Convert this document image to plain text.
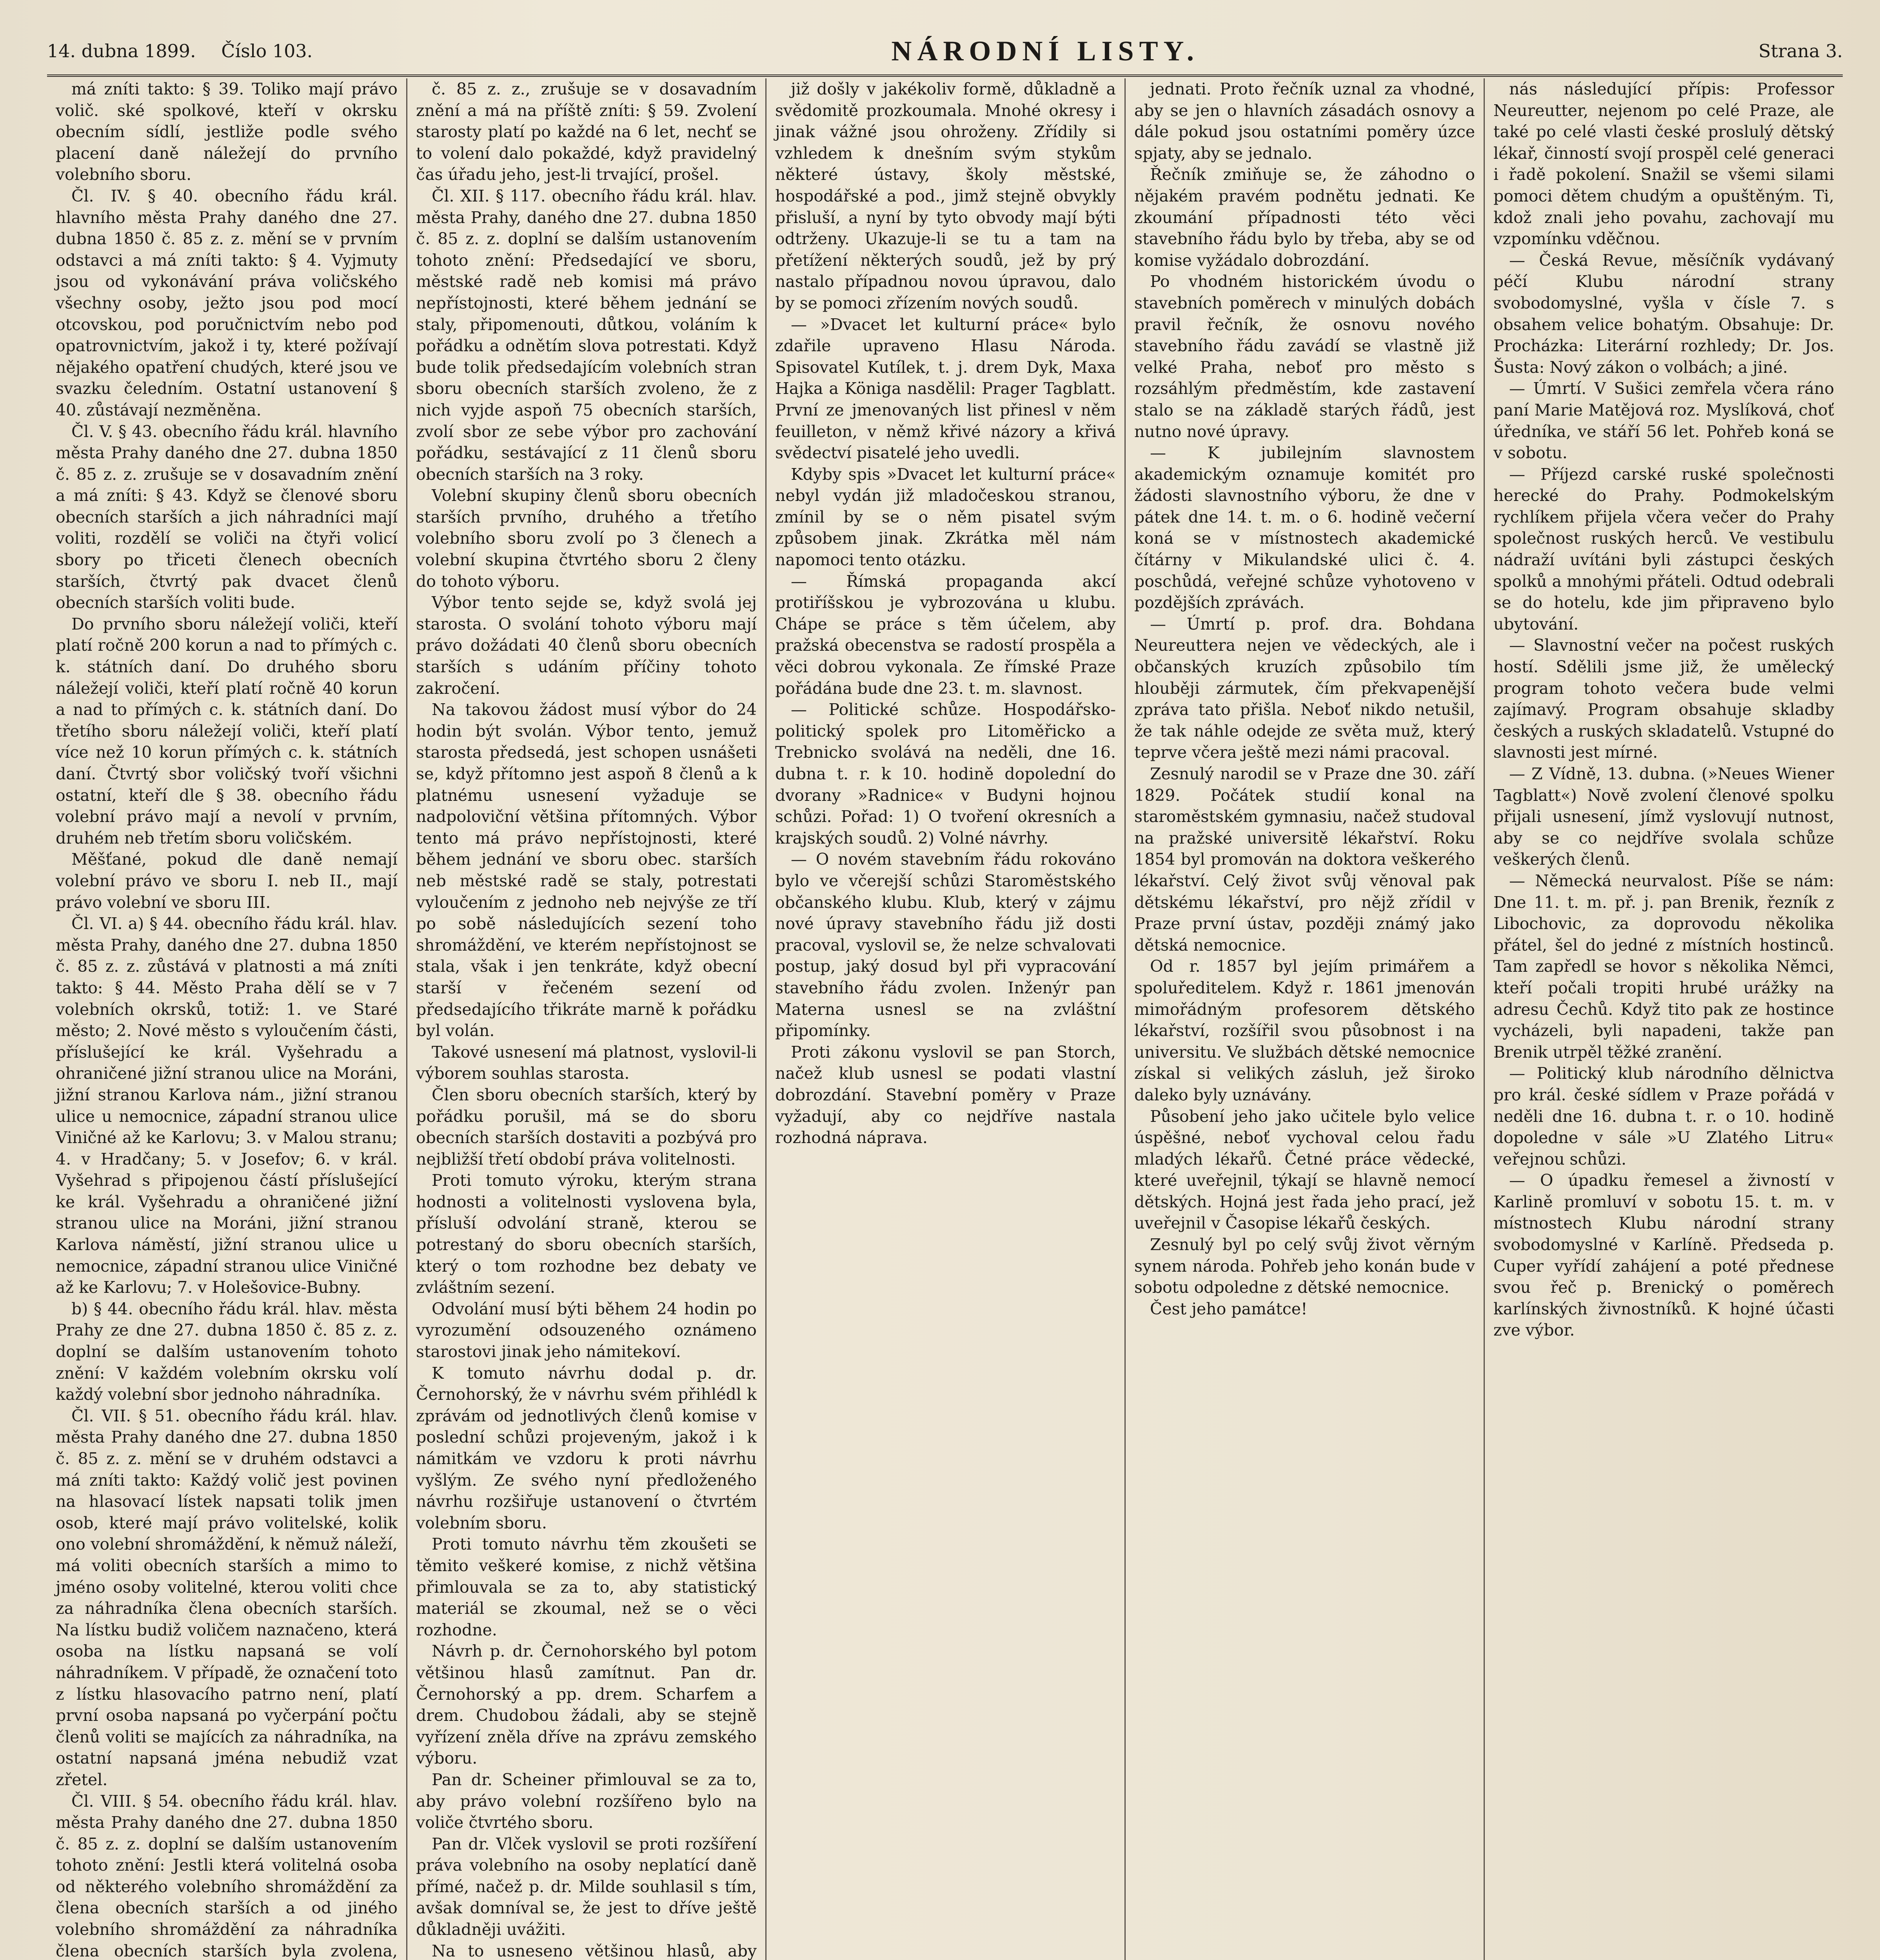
14. dubna 1899. Číslo 103.	NÁRODNÍ LISTY.	Strana 3.

má zníti takto: § 39. Toliko mají právo volič. ské spolkové, kteří v okrsku obecním sídlí, jestliže podle svého placení daně náležejí do prvního volebního sboru.

Čl. IV. § 40. obecního řádu král. hlavního města Prahy daného dne 27. dubna 1850 č. 85 z. z. mění se v prvním odstavci a má zníti takto: § 4. Vyjmuty jsou od vykonávání práva voličského všechny osoby, ježto jsou pod mocí otcovskou, pod poručnictvím nebo pod opatrovnictvím, jakož i ty, které požívají nějakého opatření chudých, které jsou ve svazku čeledním. Ostatní ustanovení § 40. zůstávají nezměněna.

Čl. V. § 43. obecního řádu král. hlavního města Prahy daného dne 27. dubna 1850 č. 85 z. z. zrušuje se v dosavadním znění a má zníti: § 43. Když se členové sboru obecních starších a jich náhradníci mají voliti, rozdělí se voliči na čtyři volicí sbory po třiceti členech obecních starších, čtvrtý pak dvacet členů obecních starších voliti bude.

Do prvního sboru náležejí voliči, kteří platí ročně 200 korun a nad to přímých c. k. státních daní. Do druhého sboru náležejí voliči, kteří platí ročně 40 korun a nad to přímých c. k. státních daní. Do třetího sboru náležejí voliči, kteří platí více než 10 korun přímých c. k. státních daní. Čtvrtý sbor voličský tvoří všichni ostatní, kteří dle § 38. obecního řádu volební právo mají a nevolí v prvním, druhém neb třetím sboru voličském.

Měšťané, pokud dle daně nemají volební právo ve sboru I. neb II., mají právo volební ve sboru III.

Čl. VI. a) § 44. obecního řádu král. hlav. města Prahy, daného dne 27. dubna 1850 č. 85 z. z. zůstává v platnosti a má zníti takto: § 44. Město Praha dělí se v 7 volebních okrsků, totiž: 1. ve Staré město; 2. Nové město s vyloučením části, příslušející ke král. Vyšehradu a ohraničené jižní stranou ulice na Moráni, jižní stranou Karlova nám., jižní stranou ulice u nemocnice, západní stranou ulice Viničné až ke Karlovu; 3. v Malou stranu; 4. v Hradčany; 5. v Josefov; 6. v král. Vyšehrad s připojenou částí příslušející ke král. Vyšehradu a ohraničené jižní stranou ulice na Moráni, jižní stranou Karlova náměstí, jižní stranou ulice u nemocnice, západní stranou ulice Viničné až ke Karlovu; 7. v Holešovice-Bubny.

b) § 44. obecního řádu král. hlav. města Prahy ze dne 27. dubna 1850 č. 85 z. z. doplní se dalším ustanovením tohoto znění: V každém volebním okrsku volí každý volební sbor jednoho náhradníka.

Čl. VII. § 51. obecního řádu král. hlav. města Prahy daného dne 27. dubna 1850 č. 85 z. z. mění se v druhém odstavci a má zníti takto: Každý volič jest povinen na hlasovací lístek napsati tolik jmen osob, které mají právo volitelské, kolik ono volební shromáždění, k němuž náleží, má voliti obecních starších a mimo to jméno osoby volitelné, kterou voliti chce za náhradníka člena obecních starších. Na lístku budiž voličem naznačeno, která osoba na lístku napsaná se volí náhradníkem. V případě, že označení toto z lístku hlasovacího patrno není, platí první osoba napsaná po vyčerpání počtu členů voliti se majících za náhradníka, na ostatní napsaná jména nebudiž vzat zřetel.

Čl. VIII. § 54. obecního řádu král. hlav. města Prahy daného dne 27. dubna 1850 č. 85 z. z. doplní se dalším ustanovením tohoto znění: Jestli která volitelná osoba od některého volebního shromáždění za člena obecních starších a od jiného volebního shromáždění za náhradníka člena obecních starších byla zvolena,

č. 85 z. z., zrušuje se v dosavadním znění a má na příště zníti: § 59. Zvolení starosty platí po každé na 6 let, nechť se to volení dalo pokaždé, když pravidelný čas úřadu jeho, jest-li trvající, prošel.

Čl. XII. § 117. obecního řádu král. hlav. města Prahy, daného dne 27. dubna 1850 č. 85 z. z. doplní se dalším ustanovením tohoto znění: Předsedající ve sboru, městské radě neb komisi má právo nepřístojnosti, které během jednání se staly, připomenouti, důtkou, voláním k pořádku a odnětím slova potrestati. Když bude tolik předsedajícím volebních stran sboru obecních starších zvoleno, že z nich vyjde aspoň 75 obecních starších, zvolí sbor ze sebe výbor pro zachování pořádku, sestávající z 11 členů sboru obecních starších na 3 roky.

Volební skupiny členů sboru obecních starších prvního, druhého a třetího volebního sboru zvolí po 3 členech a volební skupina čtvrtého sboru 2 členy do tohoto výboru.

Výbor tento sejde se, když svolá jej starosta. O svolání tohoto výboru mají právo dožádati 40 členů sboru obecních starších s udáním příčiny tohoto zakročení.

Na takovou žádost musí výbor do 24 hodin být svolán. Výbor tento, jemuž starosta předsedá, jest schopen usnášeti se, když přítomno jest aspoň 8 členů a k platnému usnesení vyžaduje se nadpoloviční většina přítomných. Výbor tento má právo nepřístojnosti, které během jednání ve sboru obec. starších neb městské radě se staly, potrestati vyloučením z jednoho neb nejvýše ze tří po sobě následujících sezení toho shromáždění, ve kterém nepřístojnost se stala, však i jen tenkráte, když obecní starší v řečeném sezení od předsedajícího třikráte marně k pořádku byl volán.

Takové usnesení má platnost, vyslovil-li výborem souhlas starosta.

Člen sboru obecních starších, který by pořádku porušil, má se do sboru obecních starších dostaviti a pozbývá pro nejbližší třetí období práva volitelnosti.

Proti tomuto výroku, kterým strana hodnosti a volitelnosti vyslovena byla, přísluší odvolání straně, kterou se potrestaný do sboru obecních starších, který o tom rozhodne bez debaty ve zvláštním sezení.

Odvolání musí býti během 24 hodin po vyrozumění odsouzeného oznámeno starostovi jinak jeho námitekoví.

K tomuto návrhu dodal p. dr. Černohorský, že v návrhu svém přihlédl k zprávám od jednotlivých členů komise v poslední schůzi projeveným, jakož i k námitkám ve vzdoru k proti návrhu vyšlým. Ze svého nyní předloženého návrhu rozšiřuje ustanovení o čtvrtém volebním sboru.

Proti tomuto návrhu těm zkoušeti se těmito veškeré komise, z nichž většina přimlouvala se za to, aby statistický materiál se zkoumal, než se o věci rozhodne.

Návrh p. dr. Černohorského byl potom většinou hlasů zamítnut. Pan dr. Černohorský a pp. drem. Scharfem a drem. Chudobou žádali, aby se stejně vyřízení zněla dříve na zprávu zemského výboru.

Pan dr. Scheiner přimlouval se za to, aby právo volební rozšířeno bylo na voliče čtvrtého sboru.

Pan dr. Vlček vyslovil se proti rozšíření práva volebního na osoby neplatící daně přímé, načež p. dr. Milde souhlasil s tím, avšak domníval se, že jest to dříve ještě důkladněji uvážiti.

Na to usneseno většinou hlasů, aby

již došly v jakékoliv formě, důkladně a svědomitě prozkoumala. Mnohé okresy i jinak vážné jsou ohroženy. Zřídily si vzhledem k dnešním svým stykům některé ústavy, školy městské, hospodářské a pod., jimž stejně obvykly přisluší, a nyní by tyto obvody mají býti odtrženy. Ukazuje-li se tu a tam na přetížení některých soudů, jež by prý nastalo případnou novou úpravou, dalo by se pomoci zřízením nových soudů.

— »Dvacet let kulturní práce« bylo zdařile upraveno Hlasu Národa. Spisovatel Kutílek, t. j. drem Dyk, Maxa Hajka a Königa nasdělil: Prager Tagblatt. První ze jmenovaných list přinesl v něm feuilleton, v němž křivé názory a křivá svědectví pisatelé jeho uvedli.

Kdyby spis »Dvacet let kulturní práce« nebyl vydán již mladočeskou stranou, zmínil by se o něm pisatel svým způsobem jinak. Zkrátka měl nám napomoci tento otázku.

— Římská propaganda akcí protiříšskou je vybrozována u klubu. Chápe se práce s těm účelem, aby pražská obecenstva se radostí prospěla a věci dobrou vykonala. Ze římské Praze pořádána bude dne 23. t. m. slavnost.

— Politické schůze. Hospodářsko-politický spolek pro Litoměřicko a Trebnicko svolává na neděli, dne 16. dubna t. r. k 10. hodině dopolední do dvorany »Radnice« v Budyni hojnou schůzi. Pořad: 1) O tvoření okresních a krajských soudů. 2) Volné návrhy.

— O novém stavebním řádu rokováno bylo ve včerejší schůzi Staroměstského občanského klubu. Klub, který v zájmu nové úpravy stavebního řádu již dosti pracoval, vyslovil se, že nelze schvalovati postup, jaký dosud byl při vypracování stavebního řádu zvolen. Inženýr pan Materna usnesl se na zvláštní připomínky.

Proti zákonu vyslovil se pan Storch, načež klub usnesl se podati vlastní dobrozdání. Stavební poměry v Praze vyžadují, aby co nejdříve nastala rozhodná náprava.

jednati. Proto řečník uznal za vhodné, aby se jen o hlavních zásadách osnovy a dále pokud jsou ostatními poměry úzce spjaty, aby se jednalo.

Řečník zmiňuje se, že záhodno o nějakém pravém podnětu jednati. Ke zkoumání případnosti této věci stavebního řádu bylo by třeba, aby se od komise vyžádalo dobrozdání.

Po vhodném historickém úvodu o stavebních poměrech v minulých dobách pravil řečník, že osnovu nového stavebního řádu zavádí se vlastně již velké Praha, neboť pro město s rozsáhlým předměstím, kde zastavení stalo se na základě starých řádů, jest nutno nové úpravy.

— K jubilejním slavnostem akademickým oznamuje komitét pro žádosti slavnostního výboru, že dne v pátek dne 14. t. m. o 6. hodině večerní koná se v místnostech akademické čítárny v Mikulandské ulici č. 4. poschůdá, veřejné schůze vyhotoveno v pozdějších zprávách.

— Úmrtí p. prof. dra. Bohdana Neureuttera nejen ve vědeckých, ale i občanských kruzích způsobilo tím hlouběji zármutek, čím překvapenější zpráva tato přišla. Neboť nikdo netušil, že tak náhle odejde ze světa muž, který teprve včera ještě mezi námi pracoval.

Zesnulý narodil se v Praze dne 30. září 1829. Počátek studií konal na staroměstském gymnasiu, načež studoval na pražské universitě lékařství. Roku 1854 byl promován na doktora veškerého lékařství. Celý život svůj věnoval pak dětskému lékařství, pro nějž zřídil v Praze první ústav, později známý jako dětská nemocnice.

Od r. 1857 byl jejím primářem a spoluředitelem. Když r. 1861 jmenován mimořádným profesorem dětského lékařství, rozšířil svou působnost i na universitu. Ve službách dětské nemocnice získal si velikých zásluh, jež široko daleko byly uznávány.

Působení jeho jako učitele bylo velice úspěšné, neboť vychoval celou řadu mladých lékařů. Četné práce vědecké, které uveřejnil, týkají se hlavně nemocí dětských. Hojná jest řada jeho prací, jež uveřejnil v Časopise lékařů českých.

Zesnulý byl po celý svůj život věrným synem národa. Pohřeb jeho konán bude v sobotu odpoledne z dětské nemocnice.

Čest jeho památce!

nás následující přípis: Professor Neureutter, nejenom po celé Praze, ale také po celé vlasti české proslulý dětský lékař, činností svojí prospěl celé generaci i řadě pokolení. Snažil se všemi silami pomoci dětem chudým a opuštěným. Ti, kdož znali jeho povahu, zachovají mu vzpomínku vděčnou.

— Česká Revue, měsíčník vydávaný péčí Klubu národní strany svobodomyslné, vyšla v čísle 7. s obsahem velice bohatým. Obsahuje: Dr. Procházka: Literární rozhledy; Dr. Jos. Šusta: Nový zákon o volbách; a jiné.

— Úmrtí. V Sušici zemřela včera ráno paní Marie Matějová roz. Myslíková, choť úředníka, ve stáří 56 let. Pohřeb koná se v sobotu.

— Příjezd carské ruské společnosti herecké do Prahy. Podmokelským rychlíkem přijela včera večer do Prahy společnost ruských herců. Ve vestibulu nádraží uvítáni byli zástupci českých spolků a mnohými přáteli. Odtud odebrali se do hotelu, kde jim připraveno bylo ubytování.

— Slavnostní večer na počest ruských hostí. Sdělili jsme již, že umělecký program tohoto večera bude velmi zajímavý. Program obsahuje skladby českých a ruských skladatelů. Vstupné do slavnosti jest mírné.

— Z Vídně, 13. dubna. (»Neues Wiener Tagblatt«) Nově zvolení členové spolku přijali usnesení, jímž vyslovují nutnost, aby se co nejdříve svolala schůze veškerých členů.

— Německá neurvalost. Píše se nám: Dne 11. t. m. př. j. pan Brenik, řezník z Libochovic, za doprovodu několika přátel, šel do jedné z místních hostinců. Tam zapředl se hovor s několika Němci, kteří počali tropiti hrubé urážky na adresu Čechů. Když tito pak ze hostince vycházeli, byli napadeni, takže pan Brenik utrpěl těžké zranění.

— Politický klub národního dělnictva pro král. české sídlem v Praze pořádá v neděli dne 16. dubna t. r. o 10. hodině dopoledne v sále »U Zlatého Litru« veřejnou schůzi.

— O úpadku řemesel a živností v Karlině promluví v sobotu 15. t. m. v místnostech Klubu národní strany svobodomyslné v Karlíně. Předseda p. Cuper vyřídí zahájení a poté přednese svou řeč p. Brenický o poměrech karlínských živnostníků. K hojné účasti zve výbor.
